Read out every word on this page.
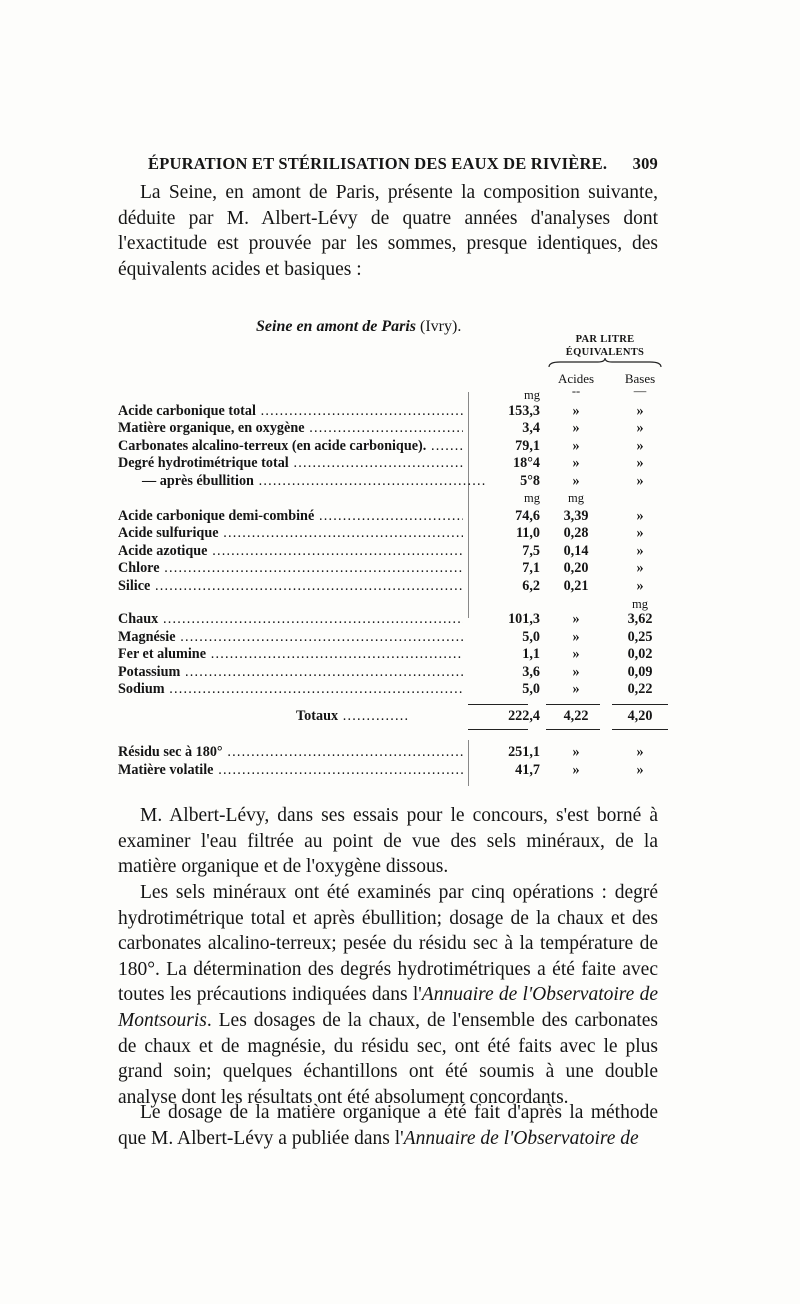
ÉPURATION ET STÉRILISATION DES EAUX DE RIVIÈRE. 309

La Seine, en amont de Paris, présente la composition suivante, déduite par M. Albert-Lévy de quatre années d'analyses dont l'exactitude est prouvée par les sommes, presque identiques, des équivalents acides et basiques :

Seine en amont de Paris (Ivry).
PAR LITRE
ÉQUIVALENTS
Acides	Bases
mg	--	—
Acide carbonique total .....	153,3	»	»
Matière organique, en oxygène .....	3,4	»	»
Carbonates alcalino-terreux (en acide carbonique). .....	79,1	»	»
Degré hydrotimétrique total .....	18°4	»	»
— après ébullition .....	5°8	»	»
mg	mg
Acide carbonique demi-combiné .....	74,6	3,39	»
Acide sulfurique .....	11,0	0,28	»
Acide azotique .....	7,5	0,14	»
Chlore .....	7,1	0,20	»
Silice .....	6,2	0,21	»
mg
Chaux .....	101,3	»	3,62
Magnésie .....	5,0	»	0,25
Fer et alumine .....	1,1	»	0,02
Potassium .....	3,6	»	0,09
Sodium .....	5,0	»	0,22
Totaux ..............	222,4	4,22	4,20
Résidu sec à 180° .....	251,1	»	»
Matière volatile .....	41,7	»	»

M. Albert-Lévy, dans ses essais pour le concours, s'est borné à examiner l'eau filtrée au point de vue des sels minéraux, de la matière organique et de l'oxygène dissous.

Les sels minéraux ont été examinés par cinq opérations : degré hydrotimétrique total et après ébullition; dosage de la chaux et des carbonates alcalino-terreux; pesée du résidu sec à la température de 180°. La détermination des degrés hydrotimétriques a été faite avec toutes les précautions indiquées dans l'Annuaire de l'Observatoire de Montsouris. Les dosages de la chaux, de l'ensemble des carbonates de chaux et de magnésie, du résidu sec, ont été faits avec le plus grand soin; quelques échantillons ont été soumis à une double analyse dont les résultats ont été absolument concordants.

Le dosage de la matière organique a été fait d'après la méthode que M. Albert-Lévy a publiée dans l'Annuaire de l'Observatoire de
